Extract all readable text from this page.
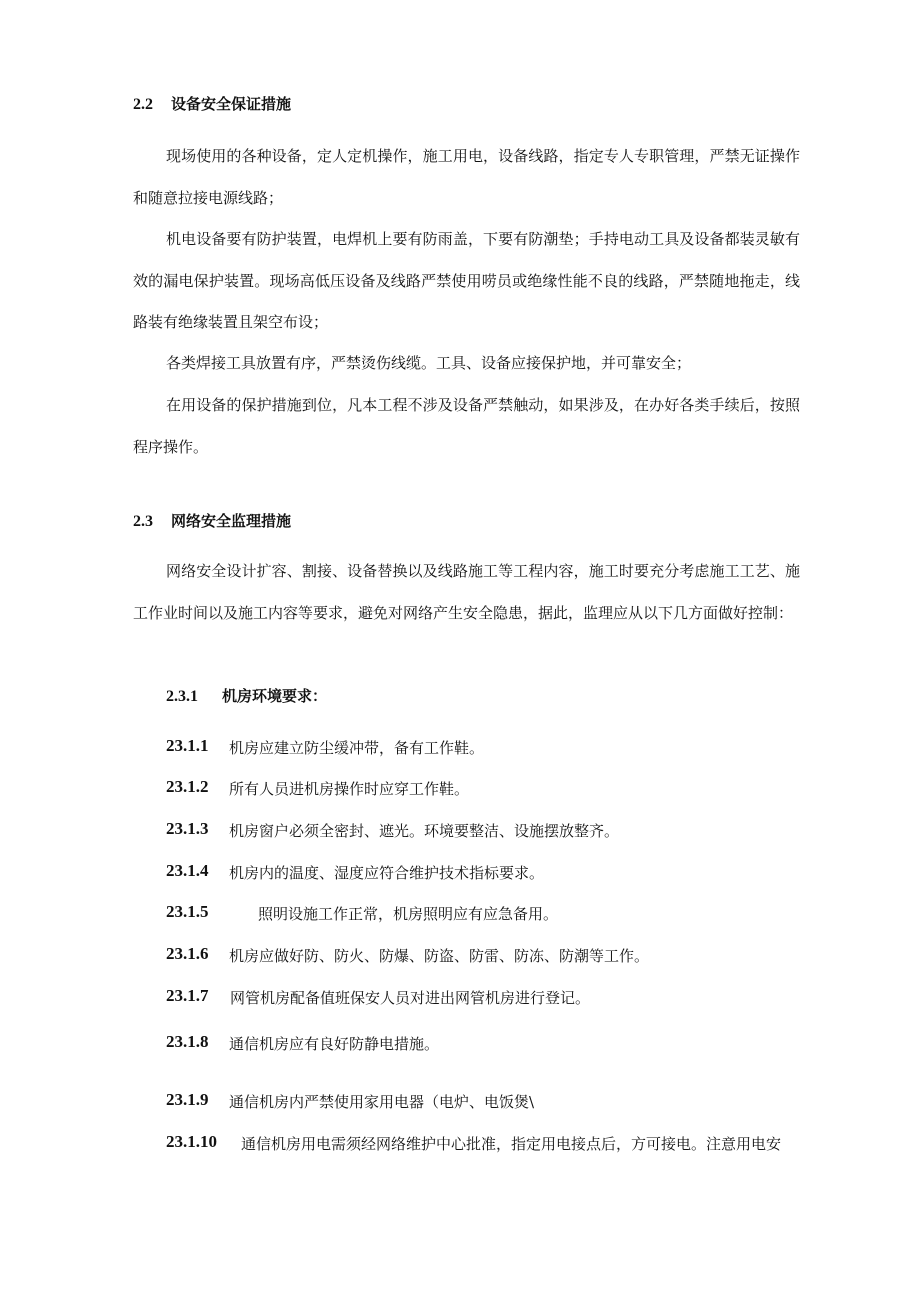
2.2 设备安全保证措施
现场使用的各种设备，定人定机操作，施工用电，设备线路，指定专人专职管理，严禁无证操作和随意拉接电源线路；
机电设备要有防护装置，电焊机上要有防雨盖，下要有防潮垫；手持电动工具及设备都装灵敏有效的漏电保护装置。现场高低压设备及线路严禁使用唠员或绝缘性能不良的线路，严禁随地拖走，线路装有绝缘装置且架空布设；
各类焊接工具放置有序，严禁烫伤线缆。工具、设备应接保护地，并可靠安全；
在用设备的保护措施到位，凡本工程不涉及设备严禁触动，如果涉及，在办好各类手续后，按照程序操作。
2.3 网络安全监理措施
网络安全设计扩容、割接、设备替换以及线路施工等工程内容，施工时要充分考虑施工工艺、施工作业时间以及施工内容等要求，避免对网络产生安全隐患，据此，监理应从以下几方面做好控制：
2.3.1 机房环境要求：
23.1.1 机房应建立防尘缓冲带，备有工作鞋。
23.1.2 所有人员进机房操作时应穿工作鞋。
23.1.3 机房窗户必须全密封、遮光。环境要整洁、设施摆放整齐。
23.1.4 机房内的温度、湿度应符合维护技术指标要求。
23.1.5	照明设施工作正常，机房照明应有应急备用。
23.1.6 机房应做好防、防火、防爆、防盗、防雷、防冻、防潮等工作。
23.1.7 网管机房配备值班保安人员对进出网管机房进行登记。
23.1.8 通信机房应有良好防静电措施。
23.1.9 通信机房内严禁使用家用电器（电炉、电饭煲\
23.1.10 通信机房用电需须经网络维护中心批准，指定用电接点后，方可接电。注意用电安
